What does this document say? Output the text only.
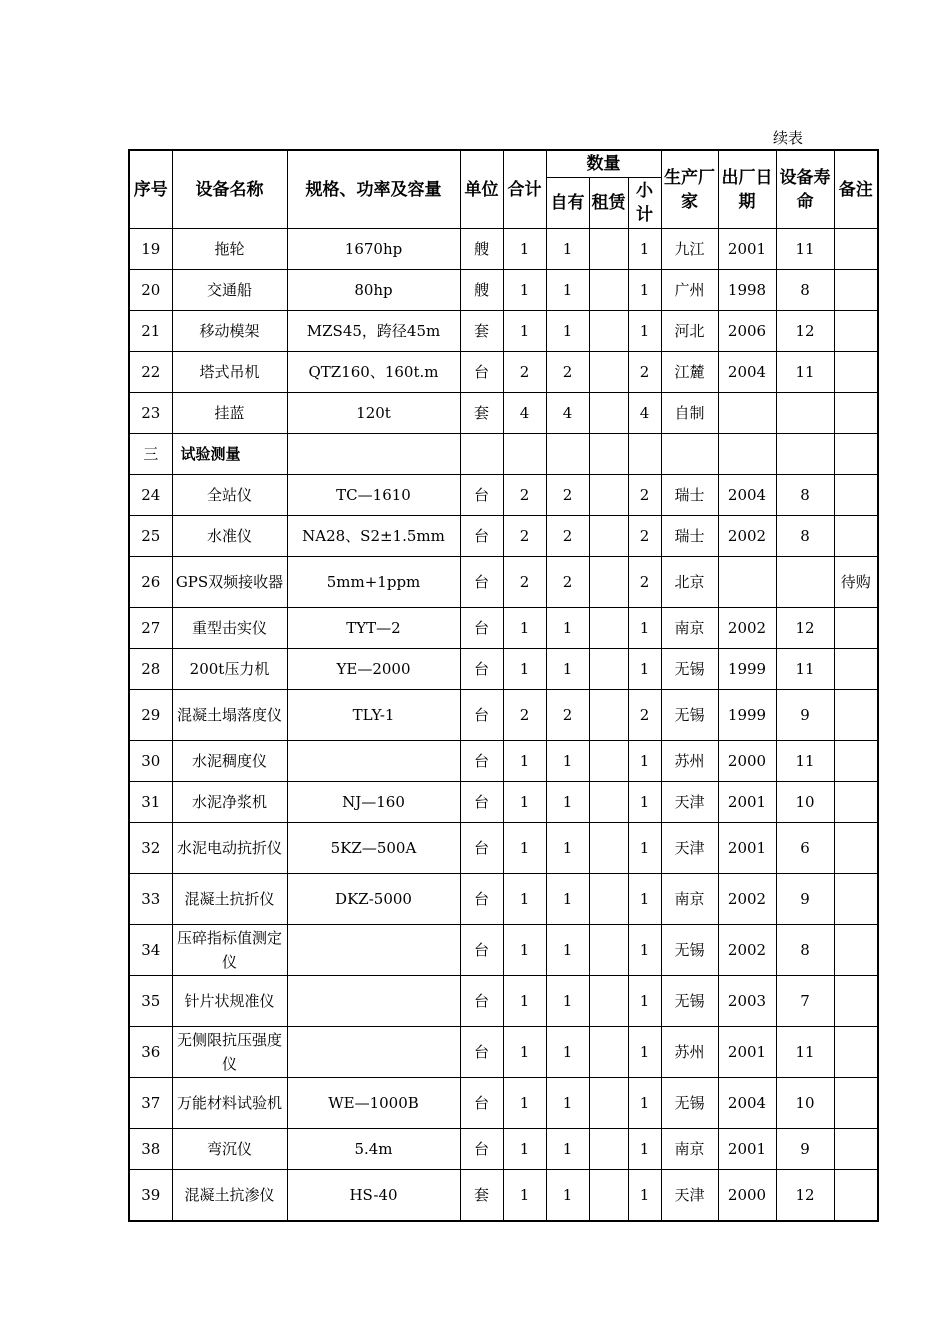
续表
序号	设备名称	规格、功率及容量	单位	合计	数量			生产厂家	出厂日期	设备寿命	备注
					自有	租赁	小计				
19	拖轮	1670hp	艘	1	1		1	九江	2001	11	
20	交通船	80hp	艘	1	1		1	广州	1998	8	
21	移动模架	MZS45，跨径45m	套	1	1		1	河北	2006	12	
22	塔式吊机	QTZ160、160t.m	台	2	2		2	江麓	2004	11	
23	挂蓝	120t	套	4	4		4	自制			
三	试验测量										
24	全站仪	TC—1610	台	2	2		2	瑞士	2004	8	
25	水准仪	NA28、S2±1.5mm	台	2	2		2	瑞士	2002	8	
26	GPS双频接收器	5mm+1ppm	台	2	2		2	北京			待购
27	重型击实仪	TYT—2	台	1	1		1	南京	2002	12	
28	200t压力机	YE—2000	台	1	1		1	无锡	1999	11	
29	混凝土塌落度仪	TLY-1	台	2	2		2	无锡	1999	9	
30	水泥稠度仪		台	1	1		1	苏州	2000	11	
31	水泥净浆机	NJ—160	台	1	1		1	天津	2001	10	
32	水泥电动抗折仪	5KZ—500A	台	1	1		1	天津	2001	6	
33	混凝土抗折仪	DKZ-5000	台	1	1		1	南京	2002	9	
34	压碎指标值测定仪		台	1	1		1	无锡	2002	8	
35	针片状规准仪		台	1	1		1	无锡	2003	7	
36	无侧限抗压强度仪		台	1	1		1	苏州	2001	11	
37	万能材料试验机	WE—1000B	台	1	1		1	无锡	2004	10	
38	弯沉仪	5.4m	台	1	1		1	南京	2001	9	
39	混凝土抗渗仪	HS-40	套	1	1		1	天津	2000	12	
